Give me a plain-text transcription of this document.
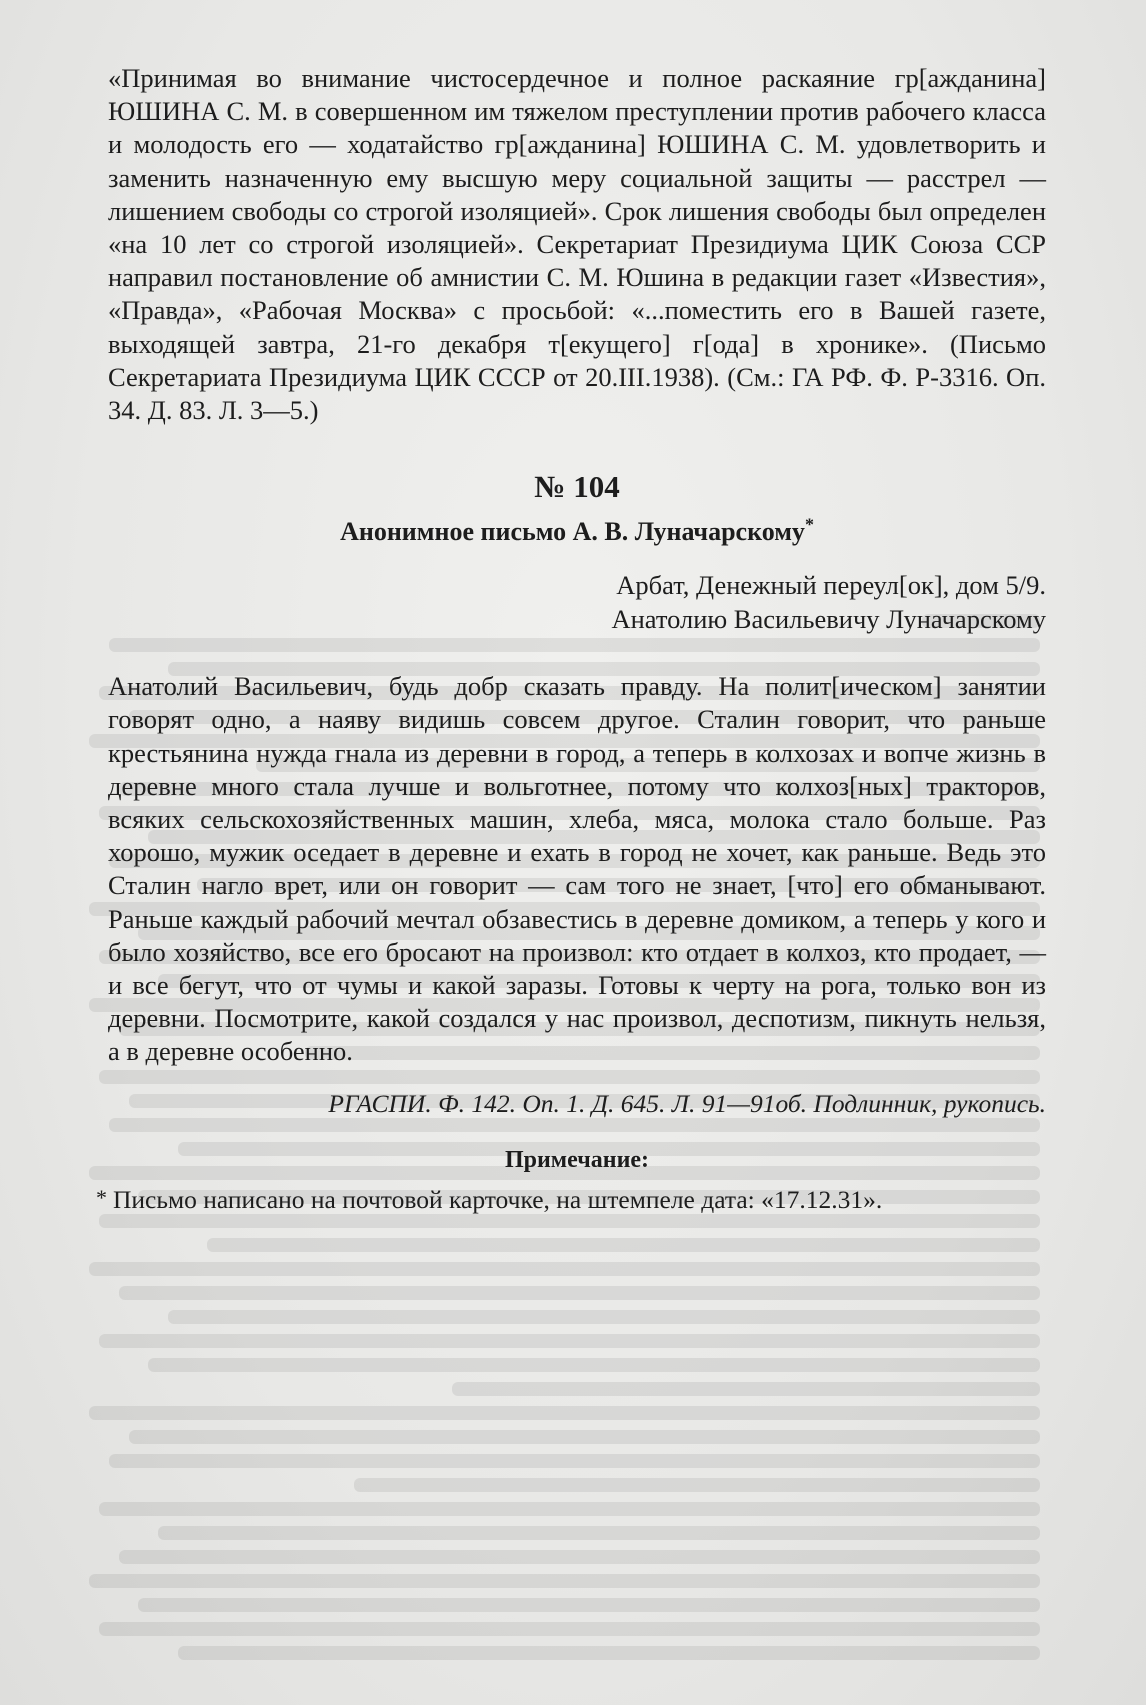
«Принимая во внимание чистосердечное и полное раскаяние гр[ажданина] ЮШИНА С. М. в совершенном им тяжелом преступлении против рабочего класса и молодость его — ходатайство гр[ажданина] ЮШИНА С. М. удовлетворить и заменить назначенную ему высшую меру социальной защиты — расстрел — лишением свободы со строгой изоляцией». Срок лишения свободы был определен «на 10 лет со строгой изоляцией». Секретариат Президиума ЦИК Союза ССР направил постановление об амнистии С. М. Юшина в редакции газет «Известия», «Правда», «Рабочая Москва» с просьбой: «...поместить его в Вашей газете, выходящей завтра, 21-го декабря т[екущего] г[ода] в хронике». (Письмо Секретариата Президиума ЦИК СССР от 20.III.1938). (См.: ГА РФ. Ф. Р-3316. Оп. 34. Д. 83. Л. 3—5.)

№ 104
Анонимное письмо А. В. Луначарскому*
Арбат, Денежный переул[ок], дом 5/9.
Анатолию Васильевичу Луначарскому

Анатолий Васильевич, будь добр сказать правду. На полит[ическом] занятии говорят одно, а наяву видишь совсем другое. Сталин говорит, что раньше крестьянина нужда гнала из деревни в город, а теперь в колхозах и вопче жизнь в деревне много стала лучше и вольготнее, потому что колхоз[ных] тракторов, всяких сельскохозяйственных машин, хлеба, мяса, молока стало больше. Раз хорошо, мужик оседает в деревне и ехать в город не хочет, как раньше. Ведь это Сталин нагло врет, или он говорит — сам того не знает, [что] его обманывают. Раньше каждый рабочий мечтал обзавестись в деревне домиком, а теперь у кого и было хозяйство, все его бросают на произвол: кто отдает в колхоз, кто продает, — и все бегут, что от чумы и какой заразы. Готовы к черту на рога, только вон из деревни. Посмотрите, какой создался у нас произвол, деспотизм, пикнуть нельзя, а в деревне особенно.

РГАСПИ. Ф. 142. Оп. 1. Д. 645. Л. 91—91об. Подлинник, рукопись.
Примечание:
* Письмо написано на почтовой карточке, на штемпеле дата: «17.12.31».
